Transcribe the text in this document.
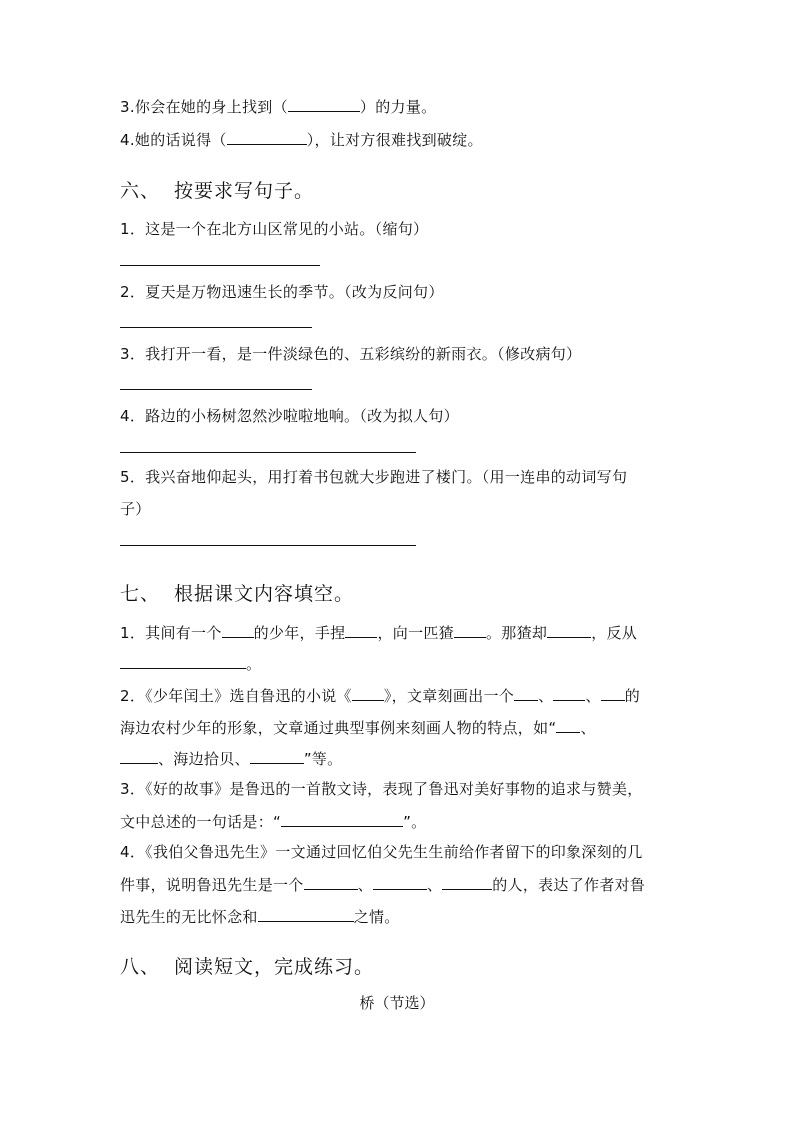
3.你会在她的身上找到（	）的力量。
4.她的话说得（	），让对方很难找到破绽。
六、 按要求写句子。
1．这是一个在北方山区常见的小站。（缩句）
2．夏天是万物迅速生长的季节。（改为反问句）
3．我打开一看，是一件淡绿色的、五彩缤纷的新雨衣。（修改病句）
4．路边的小杨树忽然沙啦啦地响。（改为拟人句）
5．我兴奋地仰起头，用打着书包就大步跑进了楼门。（用一连串的动词写句
子）
七、 根据课文内容填空。
1．其间有一个 的少年，手捏 ，向一匹猹 。那猹却	，反从
。
2．《少年闰土》选自鲁迅的小说《 》，文章刻画出一个 、 、 的
海边农村少年的形象，文章通过典型事例来刻画人物的特点，如“ 、
、海边拾贝、	”等。
3．《好的故事》是鲁迅的一首散文诗，表现了鲁迅对美好事物的追求与赞美，
文中总述的一句话是：“	”。
4．《我伯父鲁迅先生》一文通过回忆伯父先生生前给作者留下的印象深刻的几
件事，说明鲁迅先生是一个	、	、	的人，表达了作者对鲁
迅先生的无比怀念和	之情。
八、 阅读短文，完成练习。
桥（节选）
